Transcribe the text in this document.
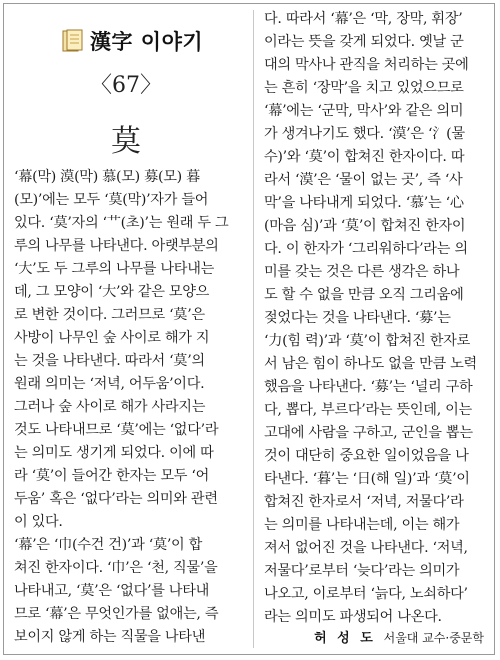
漢字 이야기
〈67〉
莫
‘幕(막) 漠(막) 慕(모) 募(모) 暮
(모)’에는 모두 ‘莫(막)’자가 들어
있다. ‘莫’자의 ‘⺾(초)’는 원래 두 그
루의 나무를 나타낸다. 아랫부분의
‘大’도 두 그루의 나무를 나타내는
데, 그 모양이 ‘大’와 같은 모양으
로 변한 것이다. 그러므로 ‘莫’은
사방이 나무인 숲 사이로 해가 지
는 것을 나타낸다. 따라서 ‘莫’의
원래 의미는 ‘저녁, 어두움’이다.
그러나 숲 사이로 해가 사라지는
것도 나타내므로 ‘莫’에는 ‘없다’라
는 의미도 생기게 되었다. 이에 따
라 ‘莫’이 들어간 한자는 모두 ‘어
두움’ 혹은 ‘없다’라는 의미와 관련
이 있다.
‘幕’은 ‘巾(수건 건)’과 ‘莫’이 합
쳐진 한자이다. ‘巾’은 ‘천, 직물’을
나타내고, ‘莫’은 ‘없다’를 나타내
므로 ‘幕’은 무엇인가를 없애는, 즉
보이지 않게 하는 직물을 나타낸
다. 따라서 ‘幕’은 ‘막, 장막, 휘장’
이라는 뜻을 갖게 되었다. 옛날 군
대의 막사나 관직을 처리하는 곳에
는 흔히 ‘장막’을 치고 있었으므로
‘幕’에는 ‘군막, 막사’와 같은 의미
가 생겨나기도 했다. ‘漠’은 ‘氵(물
수)’와 ‘莫’이 합쳐진 한자이다. 따
라서 ‘漠’은 ‘물이 없는 곳’, 즉 ‘사
막’을 나타내게 되었다. ‘慕’는 ‘心
(마음 심)’과 ‘莫’이 합쳐진 한자이
다. 이 한자가 ‘그리워하다’라는 의
미를 갖는 것은 다른 생각은 하나
도 할 수 없을 만큼 오직 그리움에
젖었다는 것을 나타낸다. ‘募’는
‘力(힘 력)’과 ‘莫’이 합쳐진 한자로
서 남은 힘이 하나도 없을 만큼 노력
했음을 나타낸다. ‘募’는 ‘널리 구하
다, 뽑다, 부르다’라는 뜻인데, 이는
고대에 사람을 구하고, 군인을 뽑는
것이 대단히 중요한 일이었음을 나
타낸다. ‘暮’는 ‘日(해 일)’과 ‘莫’이
합쳐진 한자로서 ‘저녁, 저물다’라
는 의미를 나타내는데, 이는 해가
져서 없어진 것을 나타낸다. ‘저녁,
저물다’로부터 ‘늦다’라는 의미가
나오고, 이로부터 ‘늙다, 노쇠하다’
라는 의미도 파생되어 나온다.
허 성 도 서울대 교수·중문학
